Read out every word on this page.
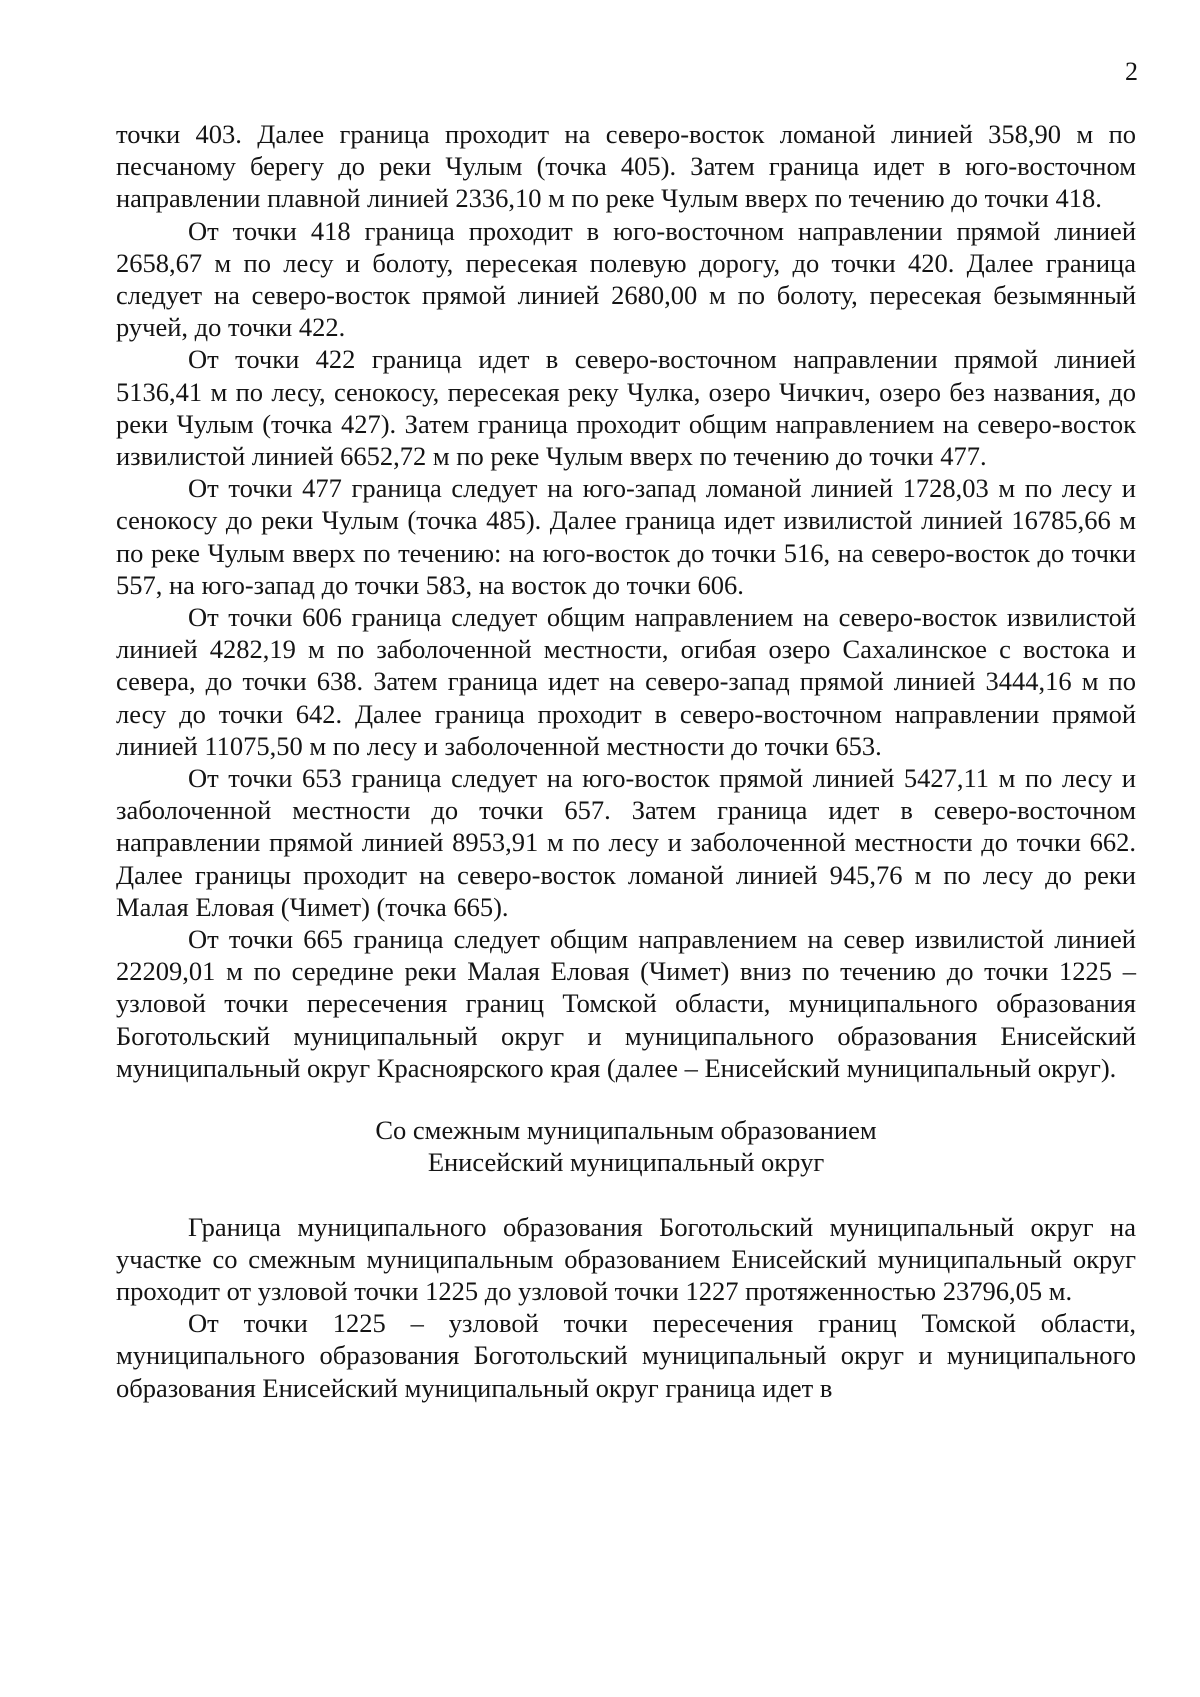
2

точки 403. Далее граница проходит на северо-восток ломаной линией 358,90 м по песчаному берегу до реки Чулым (точка 405). Затем граница идет в юго-восточном направлении плавной линией 2336,10 м по реке Чулым вверх по течению до точки 418.

От точки 418 граница проходит в юго-восточном направлении прямой линией 2658,67 м по лесу и болоту, пересекая полевую дорогу, до точки 420. Далее граница следует на северо-восток прямой линией 2680,00 м по болоту, пересекая безымянный ручей, до точки 422.

От точки 422 граница идет в северо-восточном направлении прямой линией 5136,41 м по лесу, сенокосу, пересекая реку Чулка, озеро Чичкич, озеро без названия, до реки Чулым (точка 427). Затем граница проходит общим направлением на северо-восток извилистой линией 6652,72 м по реке Чулым вверх по течению до точки 477.

От точки 477 граница следует на юго-запад ломаной линией 1728,03 м по лесу и сенокосу до реки Чулым (точка 485). Далее граница идет извилистой линией 16785,66 м по реке Чулым вверх по течению: на юго-восток до точки 516, на северо-восток до точки 557, на юго-запад до точки 583, на восток до точки 606.

От точки 606 граница следует общим направлением на северо-восток извилистой линией 4282,19 м по заболоченной местности, огибая озеро Сахалинское с востока и севера, до точки 638. Затем граница идет на северо-запад прямой линией 3444,16 м по лесу до точки 642. Далее граница проходит в северо-восточном направлении прямой линией 11075,50 м по лесу и заболоченной местности до точки 653.

От точки 653 граница следует на юго-восток прямой линией 5427,11 м по лесу и заболоченной местности до точки 657. Затем граница идет в северо-восточном направлении прямой линией 8953,91 м по лесу и заболоченной местности до точки 662. Далее границы проходит на северо-восток ломаной линией 945,76 м по лесу до реки Малая Еловая (Чимет) (точка 665).

От точки 665 граница следует общим направлением на север извилистой линией 22209,01 м по середине реки Малая Еловая (Чимет) вниз по течению до точки 1225 – узловой точки пересечения границ Томской области, муниципального образования Боготольский муниципальный округ и муниципального образования Енисейский муниципальный округ Красноярского края (далее – Енисейский муниципальный округ).

Со смежным муниципальным образованием

Енисейский муниципальный округ

Граница муниципального образования Боготольский муниципальный округ на участке со смежным муниципальным образованием Енисейский муниципальный округ проходит от узловой точки 1225 до узловой точки 1227 протяженностью 23796,05 м.

От точки 1225 – узловой точки пересечения границ Томской области, муниципального образования Боготольский муниципальный округ и муниципального образования Енисейский муниципальный округ граница идет в
